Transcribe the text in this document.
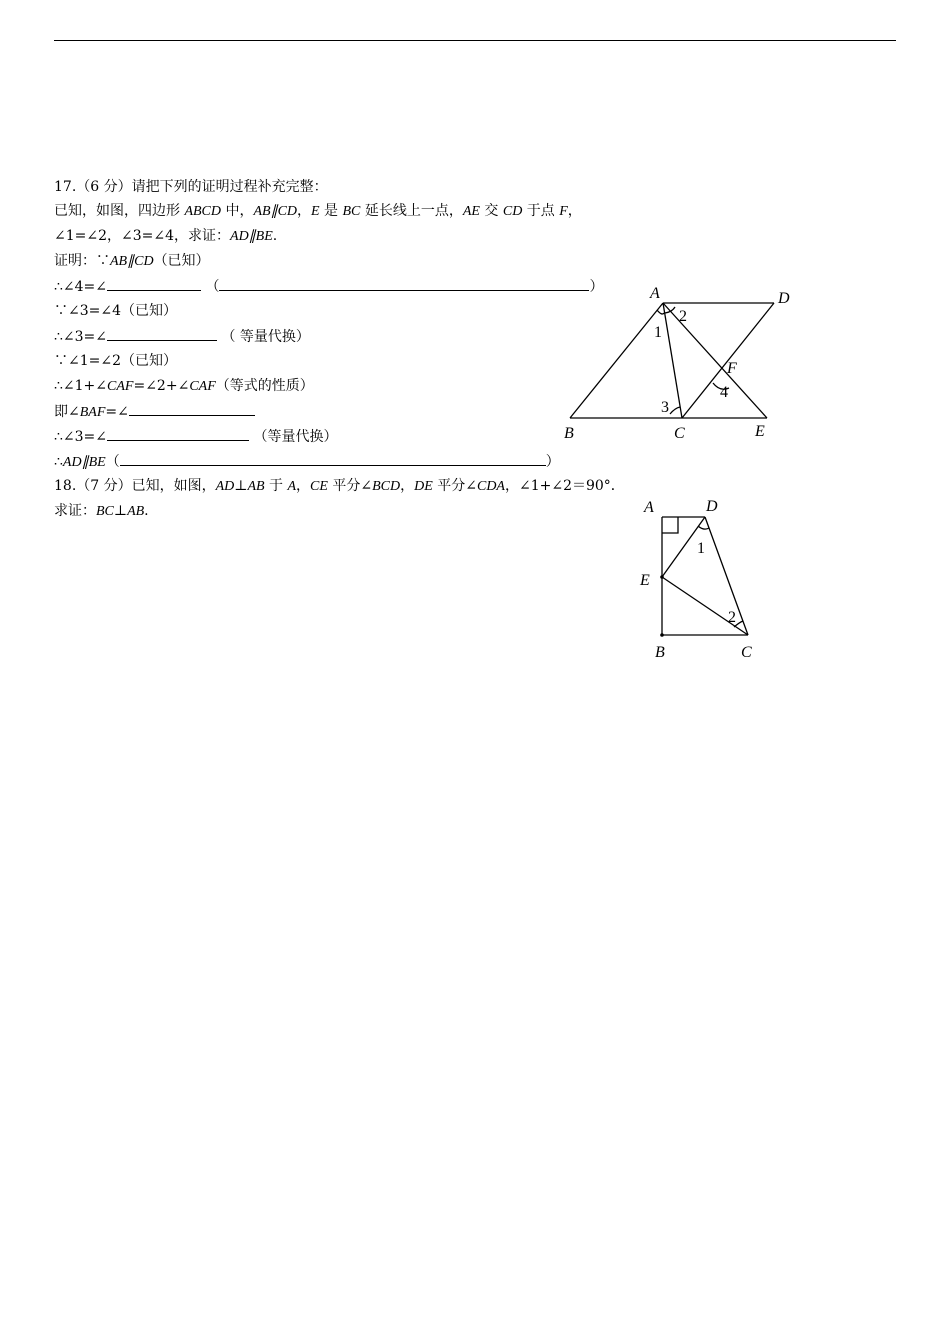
17.（6 分）请把下列的证明过程补充完整：
已知，如图，四边形 ABCD 中，AB∥CD，E 是 BC 延长线上一点，AE 交 CD 于点 F，
∠1=∠2，∠3=∠4，求证：AD∥BE.
证明：∵AB∥CD（已知）
∴∠4=∠	（	）
∵∠3=∠4（已知）
∴∠3=∠	（ 等量代换）
∵∠1=∠2（已知）
∴∠1+∠CAF=∠2+∠CAF（等式的性质）
即∠BAF=∠
∴∠3=∠	（等量代换）
∴AD∥BE（	）
18.（7 分）已知，如图，AD⊥AB 于 A，CE 平分∠BCD，DE 平分∠CDA，∠1+∠2＝90°．
求证：BC⊥AB.
A	D
B	C	E
F
1
2
3
4
A	D
E
B	C
1
2
